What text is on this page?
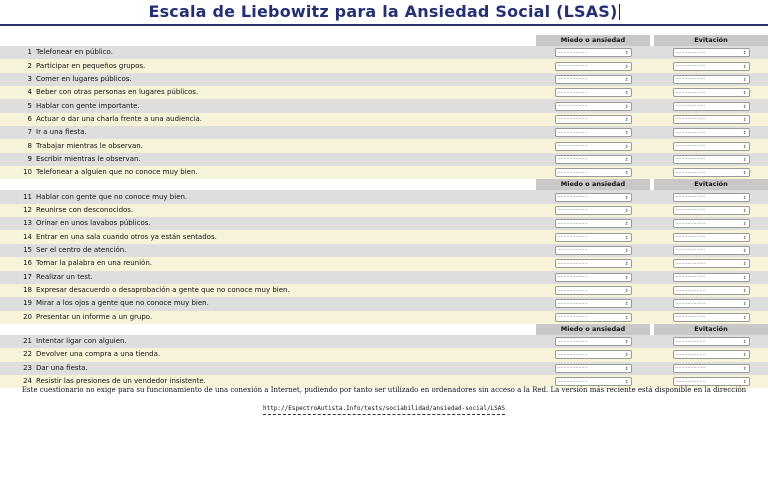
Escala de Liebowitz para la Ansiedad Social (LSAS)
Miedo o ansiedad	Evitación
1 Telefonear en público.	----------	⇕	----------	⇕
2 Participar en pequeños grupos.	----------	⇕	----------	⇕
3 Comer en lugares públicos.	----------	⇕	----------	⇕
4 Beber con otras personas en lugares públicos.	----------	⇕	----------	⇕
5 Hablar con gente importante.	----------	⇕	----------	⇕
6 Actuar o dar una charla frente a una audiencia.	----------	⇕	----------	⇕
7 Ir a una fiesta.	----------	⇕	----------	⇕
8 Trabajar mientras le observan.	----------	⇕	----------	⇕
9 Escribir mientras le observan.	----------	⇕	----------	⇕
10 Telefonear a alguien que no conoce muy bien.	----------	⇕	----------	⇕
Miedo o ansiedad	Evitación
11 Hablar con gente que no conoce muy bien.	----------	⇕	----------	⇕
12 Reunirse con desconocidos.	----------	⇕	----------	⇕
13 Orinar en unos lavabos públicos.	----------	⇕	----------	⇕
14 Entrar en una sala cuando otros ya están sentados.	----------	⇕	----------	⇕
15 Ser el centro de atención.	----------	⇕	----------	⇕
16 Tomar la palabra en una reunión.	----------	⇕	----------	⇕
17 Realizar un test.	----------	⇕	----------	⇕
18 Expresar desacuerdo o desaprobación a gente que no conoce muy bien.	----------	⇕	----------	⇕
19 Mirar a los ojos a gente que no conoce muy bien.	----------	⇕	----------	⇕
20 Presentar un informe a un grupo.	----------	⇕	----------	⇕
Miedo o ansiedad	Evitación
21 Intentar ligar con alguien.	----------	⇕	----------	⇕
22 Devolver una compra a una tienda.	----------	⇕	----------	⇕
23 Dar una fiesta.	----------	⇕	----------	⇕
24 Resistir las presiones de un vendedor insistente.	----------	⇕	----------	⇕
Este cuestionario no exige para su funcionamiento de una conexión a Internet, pudiendo por tanto ser utilizado en ordenadores sin acceso a la Red. La versión más reciente está disponible en la dirección
http://EspectroAutista.Info/tests/sociabilidad/ansiedad-social/LSAS
